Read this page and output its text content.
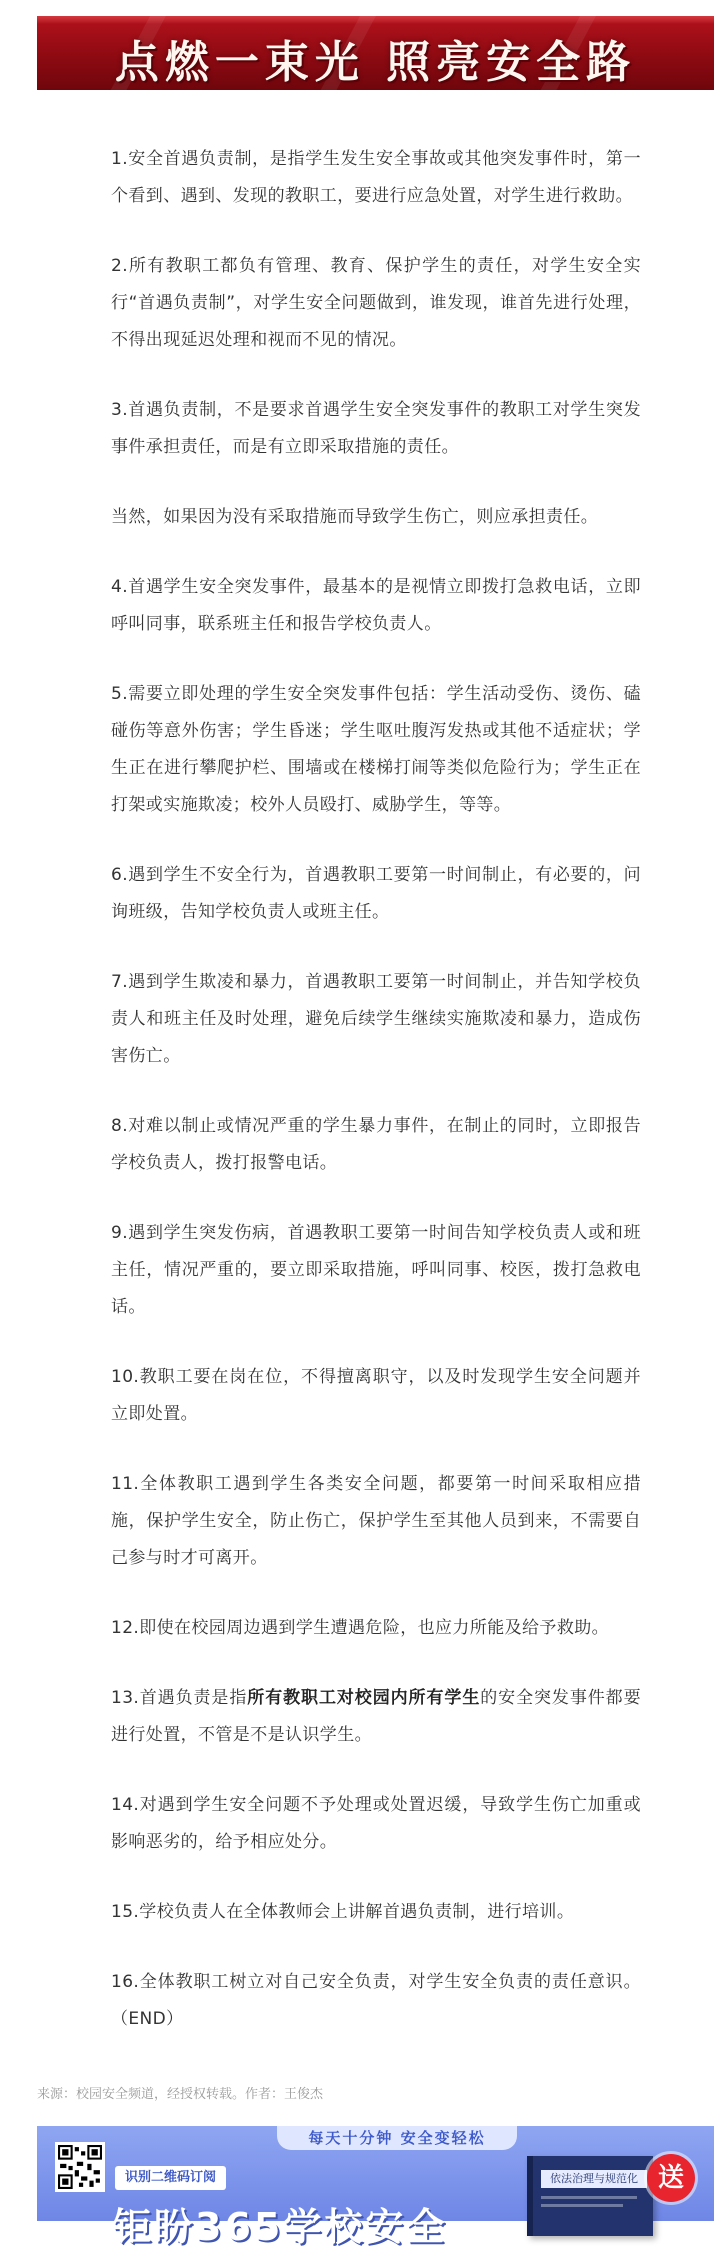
点燃一束光 照亮安全路

1.安全首遇负责制，是指学生发生安全事故或其他突发事件时，第一个看到、遇到、发现的教职工，要进行应急处置，对学生进行救助。

2.所有教职工都负有管理、教育、保护学生的责任，对学生安全实行“首遇负责制”，对学生安全问题做到，谁发现，谁首先进行处理，不得出现延迟处理和视而不见的情况。

3.首遇负责制，不是要求首遇学生安全突发事件的教职工对学生突发事件承担责任，而是有立即采取措施的责任。

当然，如果因为没有采取措施而导致学生伤亡，则应承担责任。

4.首遇学生安全突发事件，最基本的是视情立即拨打急救电话，立即呼叫同事，联系班主任和报告学校负责人。

5.需要立即处理的学生安全突发事件包括：学生活动受伤、烫伤、磕碰伤等意外伤害；学生昏迷；学生呕吐腹泻发热或其他不适症状；学生正在进行攀爬护栏、围墙或在楼梯打闹等类似危险行为；学生正在打架或实施欺凌；校外人员殴打、威胁学生，等等。

6.遇到学生不安全行为，首遇教职工要第一时间制止，有必要的，问询班级，告知学校负责人或班主任。

7.遇到学生欺凌和暴力，首遇教职工要第一时间制止，并告知学校负责人和班主任及时处理，避免后续学生继续实施欺凌和暴力，造成伤害伤亡。

8.对难以制止或情况严重的学生暴力事件，在制止的同时，立即报告学校负责人，拨打报警电话。

9.遇到学生突发伤病，首遇教职工要第一时间告知学校负责人或和班主任，情况严重的，要立即采取措施，呼叫同事、校医，拨打急救电话。

10.教职工要在岗在位，不得擅离职守，以及时发现学生安全问题并立即处置。

11.全体教职工遇到学生各类安全问题，都要第一时间采取相应措施，保护学生安全，防止伤亡，保护学生至其他人员到来，不需要自己参与时才可离开。

12.即使在校园周边遇到学生遭遇危险，也应力所能及给予救助。

13.首遇负责是指所有教职工对校园内所有学生的安全突发事件都要进行处置，不管是不是认识学生。

14.对遇到学生安全问题不予处理或处置迟缓，导致学生伤亡加重或影响恶劣的，给予相应处分。

15.学校负责人在全体教师会上讲解首遇负责制，进行培训。

16.全体教职工树立对自己安全负责，对学生安全负责的责任意识。（END）

来源：校园安全频道，经授权转载。作者：王俊杰
每天十分钟 安全变轻松
识别二维码订阅
钜盼365学校安全
依法治理与规范化 送
